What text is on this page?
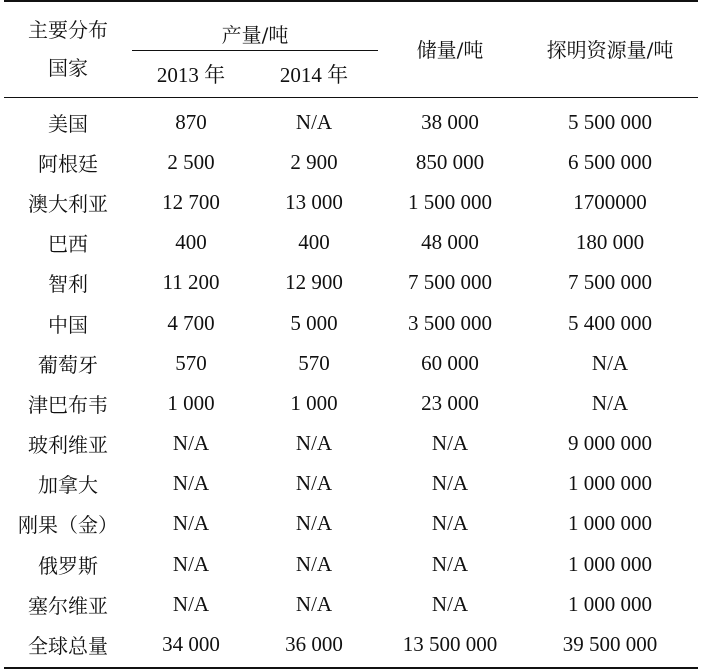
主要分布国家	产量/吨		储量/吨	探明资源量/吨
	2013 年	2014 年		
美国	870	N/A	38 000	5 500 000
阿根廷	2 500	2 900	850 000	6 500 000
澳大利亚	12 700	13 000	1 500 000	1700000
巴西	400	400	48 000	180 000
智利	11 200	12 900	7 500 000	7 500 000
中国	4 700	5 000	3 500 000	5 400 000
葡萄牙	570	570	60 000	N/A
津巴布韦	1 000	1 000	23 000	N/A
玻利维亚	N/A	N/A	N/A	9 000 000
加拿大	N/A	N/A	N/A	1 000 000
刚果（金）	N/A	N/A	N/A	1 000 000
俄罗斯	N/A	N/A	N/A	1 000 000
塞尔维亚	N/A	N/A	N/A	1 000 000
全球总量	34 000	36 000	13 500 000	39 500 000
